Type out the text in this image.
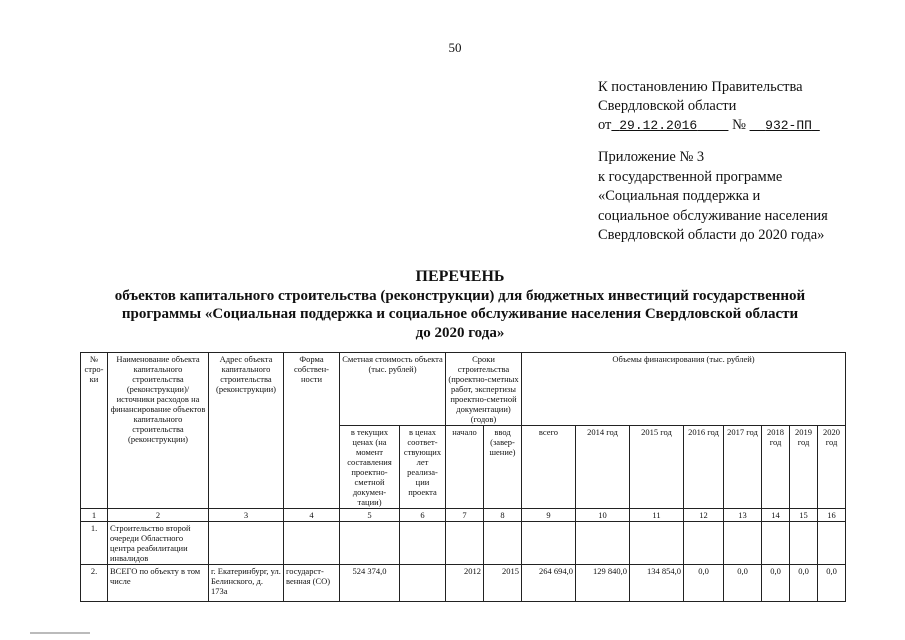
50
К постановлению Правительства
Свердловской области
от 29.12.2016 № 932-ПП
Приложение № 3
к государственной программе
«Социальная поддержка и
социальное обслуживание населения
Свердловской области до 2020 года»
ПЕРЕЧЕНЬ
объектов капитального строительства (реконструкции) для бюджетных инвестиций государственной
программы «Социальная поддержка и социальное обслуживание населения Свердловской области
до 2020 года»
№ стро-ки	Наименование объекта капитального строительства (реконструкции)/ источники расходов на финансирование объектов капитального строительства (реконструкции)	Адрес объекта капитального строительства (реконструкции)	Форма собствен-ности	Сметная стоимость объекта (тыс. рублей)		Сроки строительства (проектно-сметных работ, экспертизы проектно-сметной документации) (годов)		Объемы финансирования (тыс. рублей)							
				в текущих ценах (на момент составления проектно-сметной докумен-тации)	в ценах соответ-ствующих лет реализа-ции проекта	начало	ввод (завер-шение)	всего	2014 год	2015 год	2016 год	2017 год	2018 год	2019 год	2020 год
1	2	3	4	5	6	7	8	9	10	11	12	13	14	15	16
1.	Строительство второй очереди Областного центра реабилитации инвалидов														
2.	ВСЕГО по объекту в том числе	г. Екатеринбург, ул. Белинского, д. 173а	государст-венная (СО)	524 374,0		2012	2015	264 694,0	129 840,0	134 854,0	0,0	0,0	0,0	0,0	0,0
